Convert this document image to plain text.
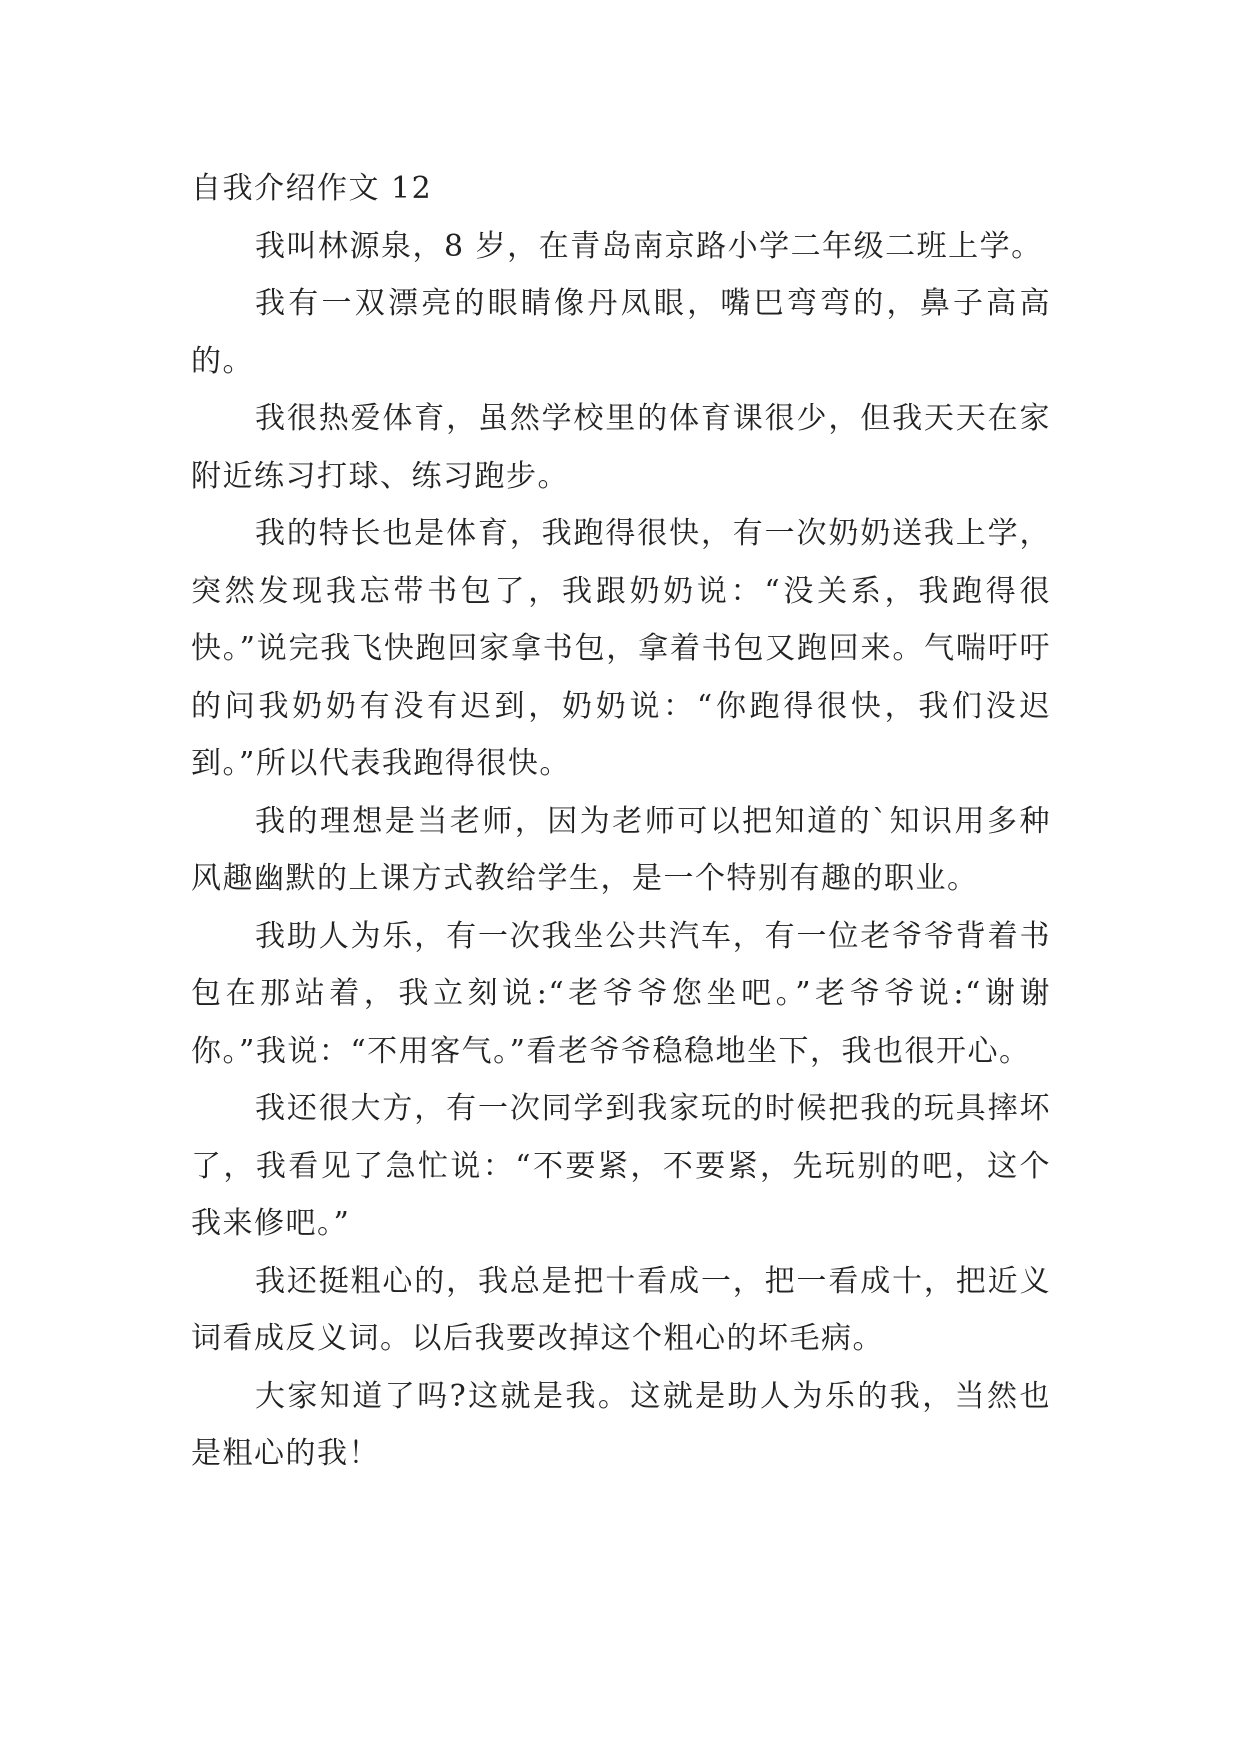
自我介绍作文 12

我叫林源泉，8 岁，在青岛南京路小学二年级二班上学。

我有一双漂亮的眼睛像丹凤眼，嘴巴弯弯的，鼻子高高的。

我很热爱体育，虽然学校里的体育课很少，但我天天在家附近练习打球、练习跑步。

我的特长也是体育，我跑得很快，有一次奶奶送我上学，突然发现我忘带书包了，我跟奶奶说：“没关系，我跑得很快。”说完我飞快跑回家拿书包，拿着书包又跑回来。气喘吁吁的问我奶奶有没有迟到，奶奶说：“你跑得很快，我们没迟到。”所以代表我跑得很快。

我的理想是当老师，因为老师可以把知道的`知识用多种风趣幽默的上课方式教给学生，是一个特别有趣的职业。

我助人为乐，有一次我坐公共汽车，有一位老爷爷背着书包在那站着，我立刻说:“老爷爷您坐吧。”老爷爷说:“谢谢你。”我说：“不用客气。”看老爷爷稳稳地坐下，我也很开心。

我还很大方，有一次同学到我家玩的时候把我的玩具摔坏了，我看见了急忙说：“不要紧，不要紧，先玩别的吧，这个我来修吧。”

我还挺粗心的，我总是把十看成一，把一看成十，把近义词看成反义词。以后我要改掉这个粗心的坏毛病。

大家知道了吗?这就是我。这就是助人为乐的我，当然也是粗心的我！
